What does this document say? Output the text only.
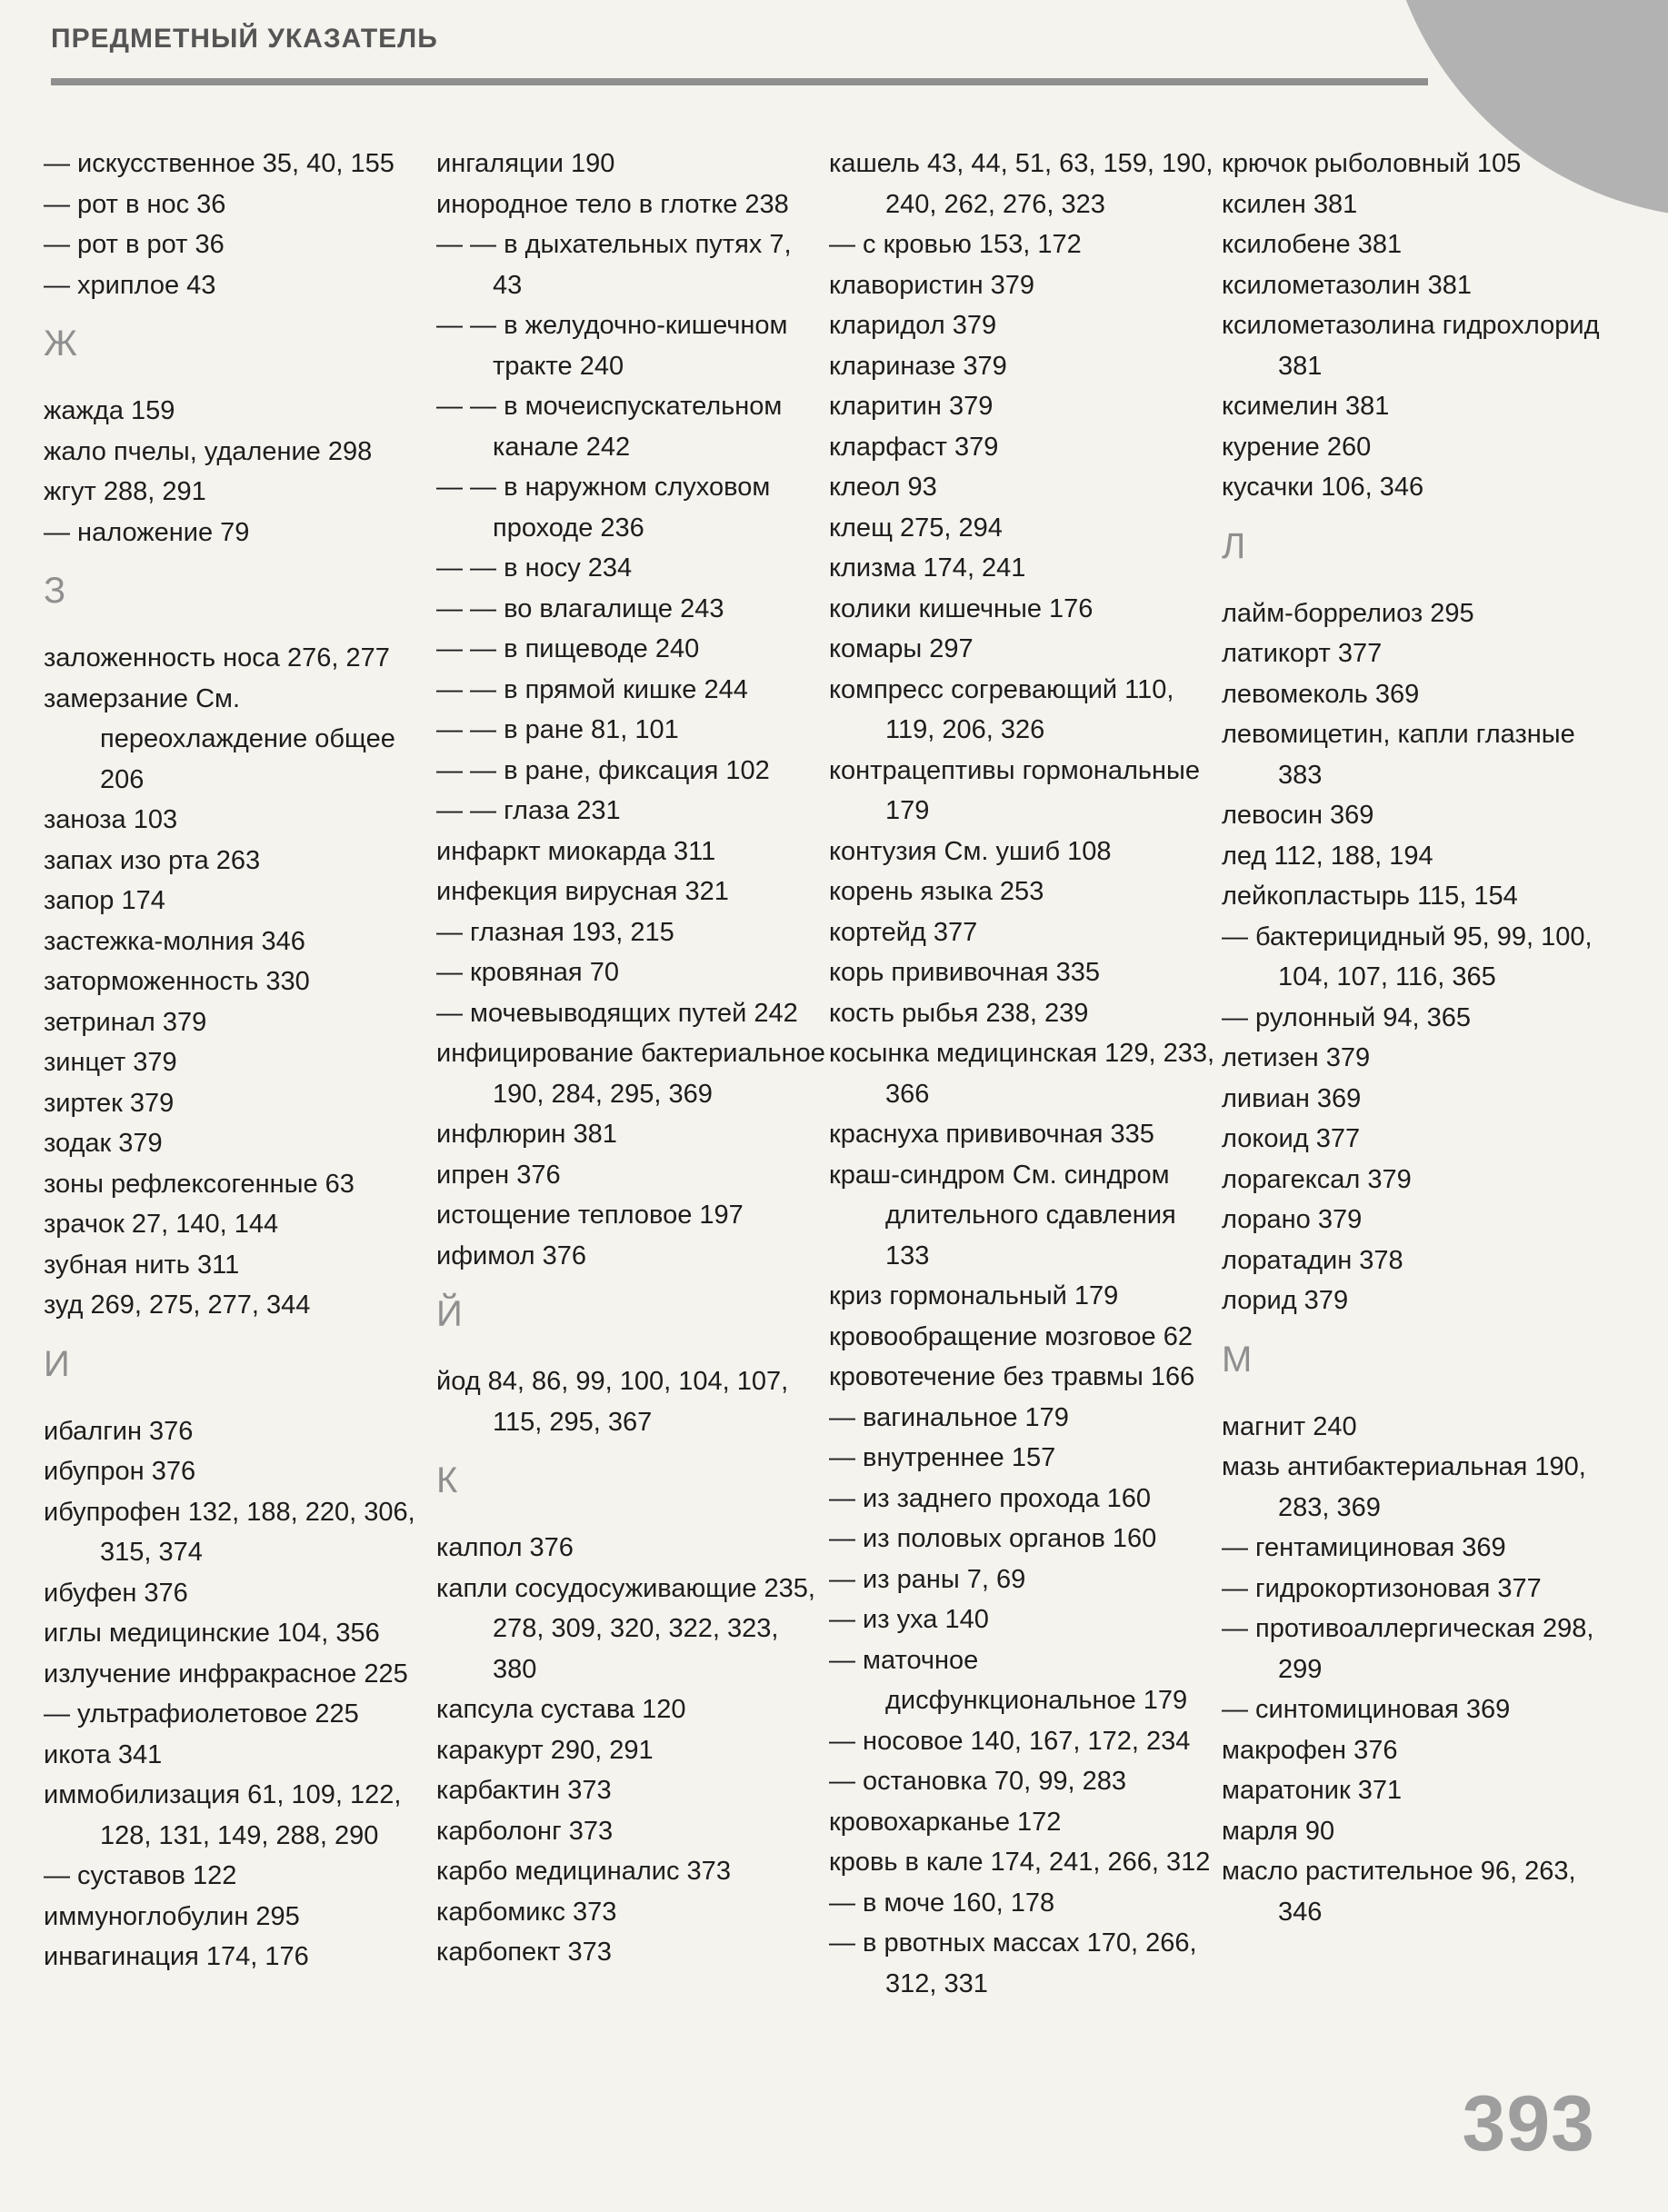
ПРЕДМЕТНЫЙ УКАЗАТЕЛЬ
— искусственное 35, 40, 155
— рот в нос 36
— рот в рот 36
— хриплое 43
Ж
жажда 159
жало пчелы, удаление 298
жгут 288, 291
— наложение 79
З
заложенность носа 276, 277
замерзание См. переохлаждение общее 206
заноза 103
запах изо рта 263
запор 174
застежка-молния 346
заторможенность 330
зетринал 379
зинцет 379
зиртек 379
зодак 379
зоны рефлексогенные 63
зрачок 27, 140, 144
зубная нить 311
зуд 269, 275, 277, 344
И
ибалгин 376
ибупрон 376
ибупрофен 132, 188, 220, 306, 315, 374
ибуфен 376
иглы медицинские 104, 356
излучение инфракрасное 225
— ультрафиолетовое 225
икота 341
иммобилизация 61, 109, 122, 128, 131, 149, 288, 290
— суставов 122
иммуноглобулин 295
инвагинация 174, 176
ингаляции 190
инородное тело в глотке 238
— — в дыхательных путях 7, 43
— — в желудочно-кишечном тракте 240
— — в мочеиспускательном канале 242
— — в наружном слуховом проходе 236
— — в носу 234
— — во влагалище 243
— — в пищеводе 240
— — в прямой кишке 244
— — в ране 81, 101
— — в ране, фиксация 102
— — глаза 231
инфаркт миокарда 311
инфекция вирусная 321
— глазная 193, 215
— кровяная 70
— мочевыводящих путей 242
инфицирование бактериальное 190, 284, 295, 369
инфлюрин 381
ипрен 376
истощение тепловое 197
ифимол 376
Й
йод 84, 86, 99, 100, 104, 107, 115, 295, 367
К
калпол 376
капли сосудосуживающие 235, 278, 309, 320, 322, 323, 380
капсула сустава 120
каракурт 290, 291
карбактин 373
карболонг 373
карбо медициналис 373
карбомикс 373
карбопект 373
кашель 43, 44, 51, 63, 159, 190, 240, 262, 276, 323
— с кровью 153, 172
клавористин 379
кларидол 379
клариназе 379
кларитин 379
кларфаст 379
клеол 93
клещ 275, 294
клизма 174, 241
колики кишечные 176
комары 297
компресс согревающий 110, 119, 206, 326
контрацептивы гормональные 179
контузия См. ушиб 108
корень языка 253
кортейд 377
корь прививочная 335
кость рыбья 238, 239
косынка медицинская 129, 233, 366
краснуха прививочная 335
краш-синдром См. синдром длительного сдавления 133
криз гормональный 179
кровообращение мозговое 62
кровотечение без травмы 166
— вагинальное 179
— внутреннее 157
— из заднего прохода 160
— из половых органов 160
— из раны 7, 69
— из уха 140
— маточное дисфункциональное 179
— носовое 140, 167, 172, 234
— остановка 70, 99, 283
кровохарканье 172
кровь в кале 174, 241, 266, 312
— в моче 160, 178
— в рвотных массах 170, 266, 312, 331
крючок рыболовный 105
ксилен 381
ксилобене 381
ксилометазолин 381
ксилометазолина гидрохлорид 381
ксимелин 381
курение 260
кусачки 106, 346
Л
лайм-боррелиоз 295
латикорт 377
левомеколь 369
левомицетин, капли глазные 383
левосин 369
лед 112, 188, 194
лейкопластырь 115, 154
— бактерицидный 95, 99, 100, 104, 107, 116, 365
— рулонный 94, 365
летизен 379
ливиан 369
локоид 377
лорагексал 379
лорано 379
лоратадин 378
лорид 379
М
магнит 240
мазь антибактериальная 190, 283, 369
— гентамициновая 369
— гидрокортизоновая 377
— противоаллергическая 298, 299
— синтомициновая 369
макрофен 376
маратоник 371
марля 90
масло растительное 96, 263, 346
393
